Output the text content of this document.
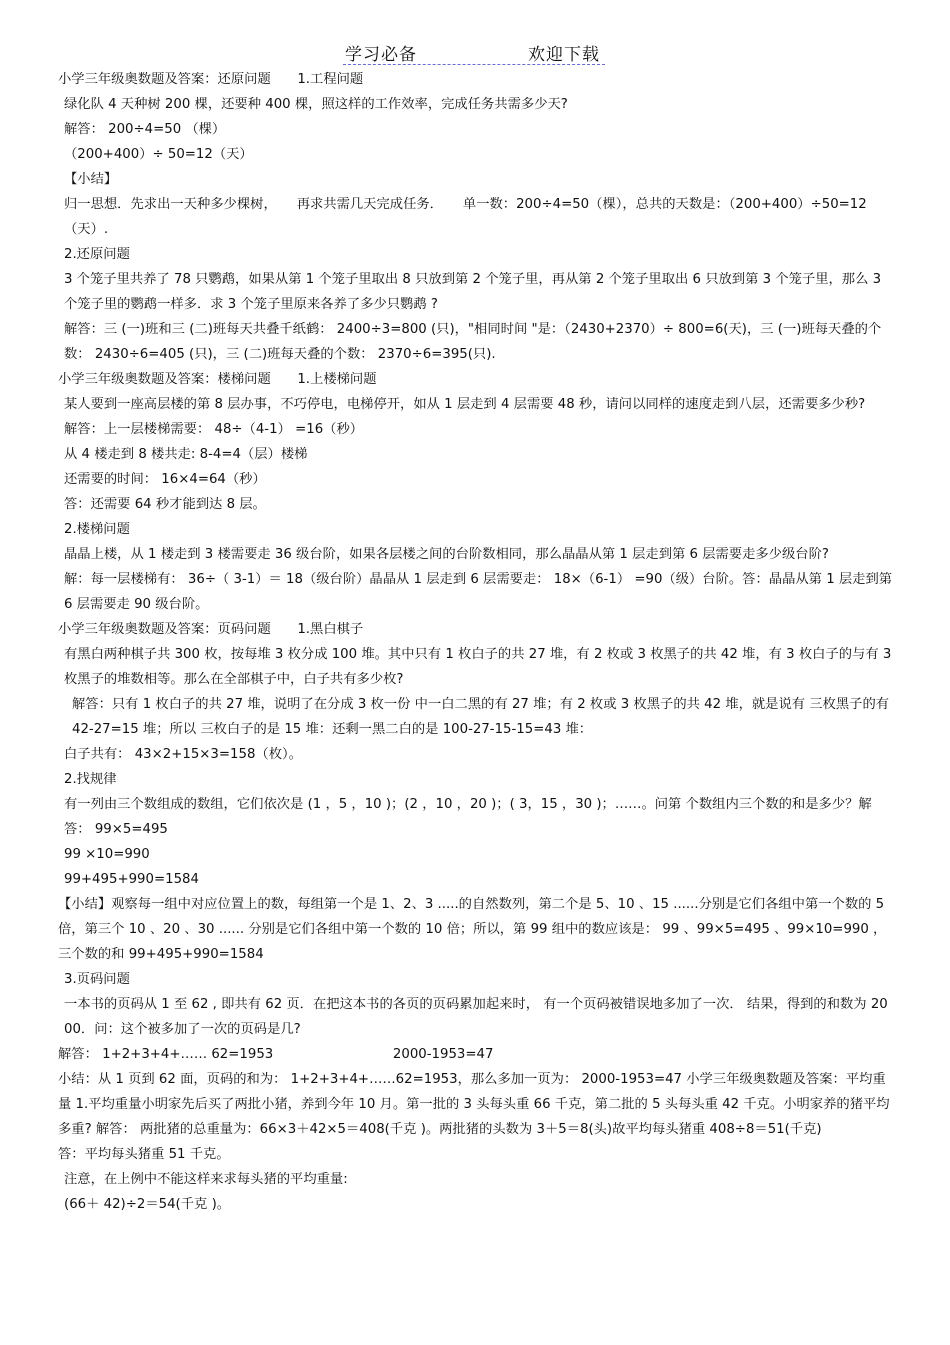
学习必备	欢迎下载

小学三年级奥数题及答案：还原问题　　1.工程问题

绿化队 4 天种树 200 棵，还要种 400 棵，照这样的工作效率，完成任务共需多少天?

解答： 200÷4=50 （棵）

（200+400）÷ 50=12（天）

【小结】

归一思想．先求出一天种多少棵树，　　再求共需几天完成任务．　　单一数：200÷4=50（棵），总共的天数是：（200+400）÷50=12 （天）.

2.还原问题

3 个笼子里共养了 78 只鹦鹉，如果从第 1 个笼子里取出 8 只放到第 2 个笼子里，再从第 2 个笼子里取出 6 只放到第 3 个笼子里，那么 3 个笼子里的鹦鹉一样多．求 3 个笼子里原来各养了多少只鹦鹉 ?

解答：三 (一)班和三 (二)班每天共叠千纸鹤： 2400÷3=800 (只)，"相同时间 "是：（2430+2370）÷ 800=6(天)，三 (一)班每天叠的个数： 2430÷6=405 (只)，三 (二)班每天叠的个数： 2370÷6=395(只).

小学三年级奥数题及答案：楼梯问题　　1.上楼梯问题

某人要到一座高层楼的第 8 层办事，不巧停电，电梯停开，如从 1 层走到 4 层需要 48 秒，请问以同样的速度走到八层，还需要多少秒?

解答：上一层楼梯需要： 48÷（4-1） =16（秒）

从 4 楼走到 8 楼共走: 8-4=4（层）楼梯

还需要的时间： 16×4=64（秒）

答：还需要 64 秒才能到达 8 层。

2.楼梯问题

晶晶上楼，从 1 楼走到 3 楼需要走 36 级台阶，如果各层楼之间的台阶数相同，那么晶晶从第 1 层走到第 6 层需要走多少级台阶?

解：每一层楼梯有： 36÷（ 3-1）＝ 18（级台阶）晶晶从 1 层走到 6 层需要走： 18×（6-1） =90（级）台阶。答：晶晶从第 1 层走到第 6 层需要走 90 级台阶。

小学三年级奥数题及答案：页码问题　　1.黑白棋子

有黑白两种棋子共 300 枚，按每堆 3 枚分成 100 堆。其中只有 1 枚白子的共 27 堆，有 2 枚或 3 枚黑子的共 42 堆，有 3 枚白子的与有 3 枚黑子的堆数相等。那么在全部棋子中，白子共有多少枚?

解答：只有 1 枚白子的共 27 堆，说明了在分成 3 枚一份 中一白二黑的有 27 堆；有 2 枚或 3 枚黑子的共 42 堆，就是说有 三枚黑子的有 42-27=15 堆；所以 三枚白子的是 15 堆：还剩一黑二白的是 100-27-15-15=43 堆：

白子共有： 43×2+15×3=158（枚）。

2.找规律

有一列由三个数组成的数组，它们依次是 (1 ，5 ，10 )；(2 ，10 ，20 )；( 3，15 ，30 )；……。问第 个数组内三个数的和是多少？解答： 99×5=495

99 ×10=990

99+495+990=1584

【小结】观察每一组中对应位置上的数，每组第一个是 1、2、3 .....的自然数列，第二个是 5、10 、15 ......分别是它们各组中第一个数的 5 倍，第三个 10 、20 、30 ...... 分别是它们各组中第一个数的 10 倍；所以，第 99 组中的数应该是： 99 、99×5=495 、99×10=990 ，三个数的和 99+495+990=1584

3.页码问题

一本书的页码从 1 至 62 , 即共有 62 页．在把这本书的各页的页码累加起来时， 有一个页码被错误地多加了一次． 结果，得到的和数为 2000．问：这个被多加了一次的页码是几?

解答： 1+2+3+4+…… 62=1953　　　　　　　　　2000-1953=47

小结：从 1 页到 62 面，页码的和为： 1+2+3+4+……62=1953，那么多加一页为： 2000-1953=47 小学三年级奥数题及答案：平均重量 1.平均重量小明家先后买了两批小猪，养到今年 10 月。第一批的 3 头每头重 66 千克，第二批的 5 头每头重 42 千克。小明家养的猪平均多重? 解答： 两批猪的总重量为：66×3＋42×5＝408(千克 )。两批猪的头数为 3＋5＝8(头)故平均每头猪重 408÷8＝51(千克)

答：平均每头猪重 51 千克。

注意，在上例中不能这样来求每头猪的平均重量:

(66＋ 42)÷2＝54(千克 )。
